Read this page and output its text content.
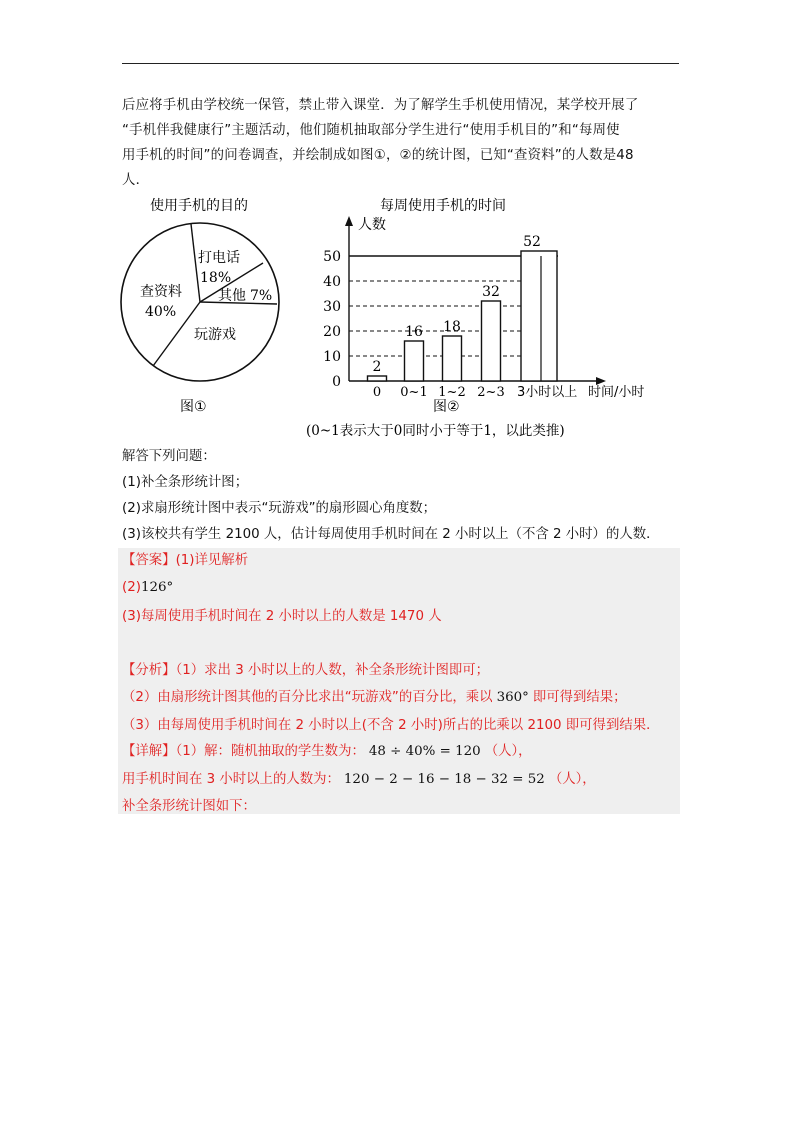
后应将手机由学校统一保管，禁止带入课堂．为了解学生手机使用情况，某学校开展了

“手机伴我健康行”主题活动，他们随机抽取部分学生进行“使用手机目的”和“每周使

用手机的时间”的问卷调查，并绘制成如图①，②的统计图，已知“查资料”的人数是48

人．

使用手机的目的
打电话
18%
其他 7%
玩游戏
查资料
40%
图①
每周使用手机的时间
人数
时间/小时
0
10
20
30
40
50
2
16 18
32
52
0 0~1 1~2 2~3 3小时以上
图②
(0~1表示大于0同时小于等于1，以此类推)
解答下列问题：
(1)补全条形统计图；
(2)求扇形统计图中表示“玩游戏”的扇形圆心角度数；
(3)该校共有学生 2100 人，估计每周使用手机时间在 2 小时以上（不含 2 小时）的人数．
【答案】(1)详见解析
(2)126°
(3)每周使用手机时间在 2 小时以上的人数是 1470 人
【分析】（1）求出 3 小时以上的人数，补全条形统计图即可；
（2）由扇形统计图其他的百分比求出“玩游戏”的百分比，乘以 360° 即可得到结果；
（3）由每周使用手机时间在 2 小时以上(不含 2 小时)所占的比乘以 2100 即可得到结果．
【详解】（1）解：随机抽取的学生数为： 48 ÷ 40% = 120 （人），
用手机时间在 3 小时以上的人数为： 120 − 2 − 16 − 18 − 32 = 52 （人），
补全条形统计图如下：
